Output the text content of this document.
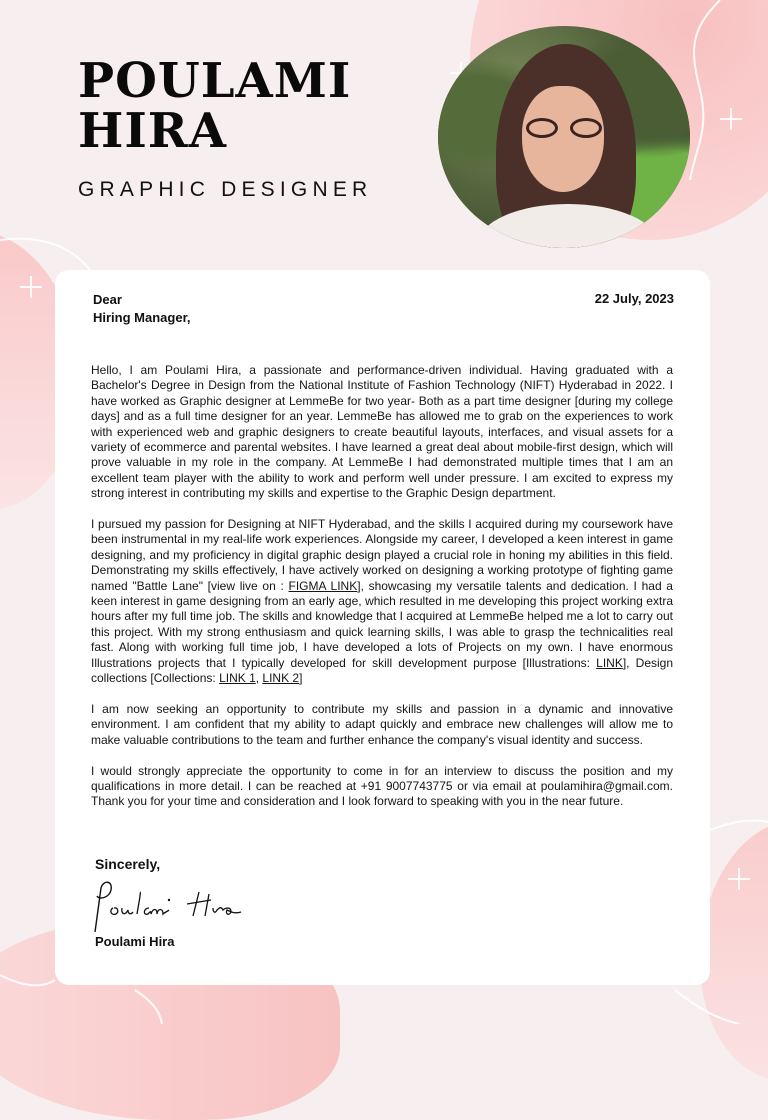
POULAMI
HIRA
GRAPHIC DESIGNER
Dear
Hiring Manager,
22 July, 2023

Hello, I am Poulami Hira, a passionate and performance-driven individual. Having graduated with a Bachelor's Degree in Design from the National Institute of Fashion Technology (NIFT) Hyderabad in 2022. I have worked as Graphic designer at LemmeBe for two year- Both as a part time designer [during my college days] and as a full time designer for an year. LemmeBe has allowed me to grab on the experiences to work with experienced web and graphic designers to create beautiful layouts, interfaces, and visual assets for a variety of ecommerce and parental websites. I have learned a great deal about mobile-first design, which will prove valuable in my role in the company. At LemmeBe I had demonstrated multiple times that I am an excellent team player with the ability to work and perform well under pressure. I am excited to express my strong interest in contributing my skills and expertise to the Graphic Design department.

I pursued my passion for Designing at NIFT Hyderabad, and the skills I acquired during my coursework have been instrumental in my real-life work experiences. Alongside my career, I developed a keen interest in game designing, and my proficiency in digital graphic design played a crucial role in honing my abilities in this field. Demonstrating my skills effectively, I have actively worked on designing a working prototype of fighting game named "Battle Lane" [view live on : FIGMA LINK], showcasing my versatile talents and dedication. I had a keen interest in game designing from an early age, which resulted in me developing this project working extra hours after my full time job. The skills and knowledge that I acquired at LemmeBe helped me a lot to carry out this project. With my strong enthusiasm and quick learning skills, I was able to grasp the technicalities real fast. Along with working full time job, I have developed a lots of Projects on my own. I have enormous Illustrations projects that I typically developed for skill development purpose [Illustrations: LINK], Design collections [Collections: LINK 1, LINK 2]

I am now seeking an opportunity to contribute my skills and passion in a dynamic and innovative environment. I am confident that my ability to adapt quickly and embrace new challenges will allow me to make valuable contributions to the team and further enhance the company's visual identity and success.

I would strongly appreciate the opportunity to come in for an interview to discuss the position and my qualifications in more detail. I can be reached at +91 9007743775 or via email at poulamihira@gmail.com. Thank you for your time and consideration and I look forward to speaking with you in the near future.

Sincerely,
Poulami Hira
